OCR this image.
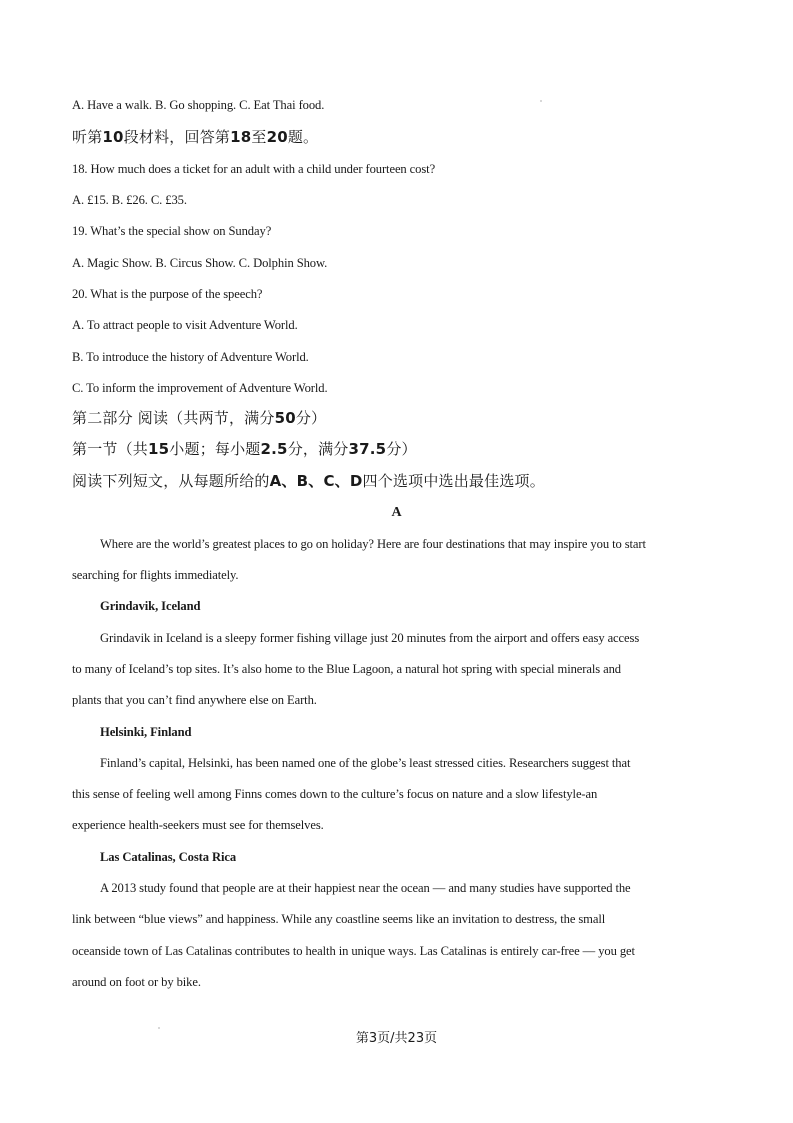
A. Have a walk. B. Go shopping. C. Eat Thai food.
听第10段材料，回答第18至20题。
18. How much does a ticket for an adult with a child under fourteen cost?
A. £15. B. £26. C. £35.
19. What’s the special show on Sunday?
A. Magic Show. B. Circus Show. C. Dolphin Show.
20. What is the purpose of the speech?
A. To attract people to visit Adventure World.
B. To introduce the history of Adventure World.
C. To inform the improvement of Adventure World.
第二部分 阅读（共两节，满分50分）
第一节（共15小题；每小题2.5分，满分37.5分）
阅读下列短文，从每题所给的A、B、C、D四个选项中选出最佳选项。
A
Where are the world’s greatest places to go on holiday? Here are four destinations that may inspire you to start
searching for flights immediately.
Grindavik, Iceland
Grindavik in Iceland is a sleepy former fishing village just 20 minutes from the airport and offers easy access
to many of Iceland’s top sites. It’s also home to the Blue Lagoon, a natural hot spring with special minerals and
plants that you can’t find anywhere else on Earth.
Helsinki, Finland
Finland’s capital, Helsinki, has been named one of the globe’s least stressed cities. Researchers suggest that
this sense of feeling well among Finns comes down to the culture’s focus on nature and a slow lifestyle-an
experience health-seekers must see for themselves.
Las Catalinas, Costa Rica
A 2013 study found that people are at their happiest near the ocean — and many studies have supported the
link between “blue views” and happiness. While any coastline seems like an invitation to destress, the small
oceanside town of Las Catalinas contributes to health in unique ways. Las Catalinas is entirely car-free — you get
around on foot or by bike.
第3页/共23页
